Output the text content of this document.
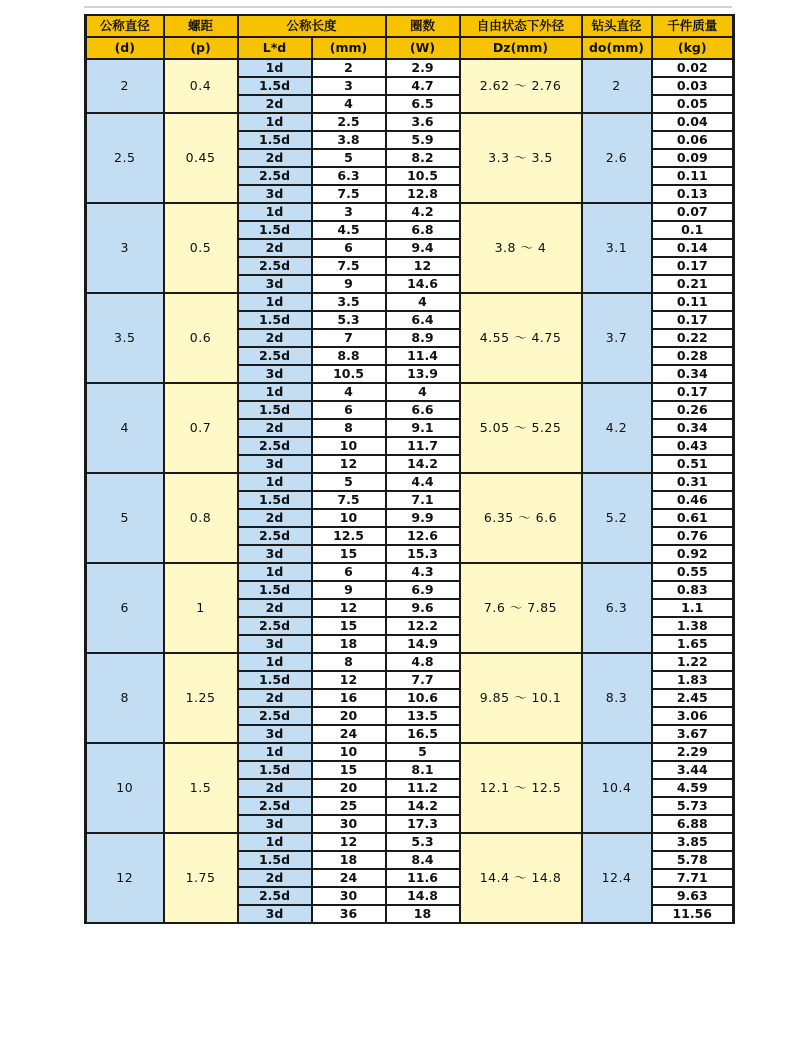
公称直径	螺距	公称长度		圈数	自由状态下外径	钻头直径	千件质量
(d)	(p)	L*d	(mm)	(W)	Dz(mm)	do(mm)	(kg)
2	0.4	1d	2	2.9	2.62 ～ 2.76	2	0.02
		1.5d	3	4.7			0.03
		2d	4	6.5			0.05
2.5	0.45	1d	2.5	3.6	3.3 ～ 3.5	2.6	0.04
		1.5d	3.8	5.9			0.06
		2d	5	8.2			0.09
		2.5d	6.3	10.5			0.11
		3d	7.5	12.8			0.13
3	0.5	1d	3	4.2	3.8 ～ 4	3.1	0.07
		1.5d	4.5	6.8			0.1
		2d	6	9.4			0.14
		2.5d	7.5	12			0.17
		3d	9	14.6			0.21
3.5	0.6	1d	3.5	4	4.55 ～ 4.75	3.7	0.11
		1.5d	5.3	6.4			0.17
		2d	7	8.9			0.22
		2.5d	8.8	11.4			0.28
		3d	10.5	13.9			0.34
4	0.7	1d	4	4	5.05 ～ 5.25	4.2	0.17
		1.5d	6	6.6			0.26
		2d	8	9.1			0.34
		2.5d	10	11.7			0.43
		3d	12	14.2			0.51
5	0.8	1d	5	4.4	6.35 ～ 6.6	5.2	0.31
		1.5d	7.5	7.1			0.46
		2d	10	9.9			0.61
		2.5d	12.5	12.6			0.76
		3d	15	15.3			0.92
6	1	1d	6	4.3	7.6 ～ 7.85	6.3	0.55
		1.5d	9	6.9			0.83
		2d	12	9.6			1.1
		2.5d	15	12.2			1.38
		3d	18	14.9			1.65
8	1.25	1d	8	4.8	9.85 ～ 10.1	8.3	1.22
		1.5d	12	7.7			1.83
		2d	16	10.6			2.45
		2.5d	20	13.5			3.06
		3d	24	16.5			3.67
10	1.5	1d	10	5	12.1 ～ 12.5	10.4	2.29
		1.5d	15	8.1			3.44
		2d	20	11.2			4.59
		2.5d	25	14.2			5.73
		3d	30	17.3			6.88
12	1.75	1d	12	5.3	14.4 ～ 14.8	12.4	3.85
		1.5d	18	8.4			5.78
		2d	24	11.6			7.71
		2.5d	30	14.8			9.63
		3d	36	18			11.56
